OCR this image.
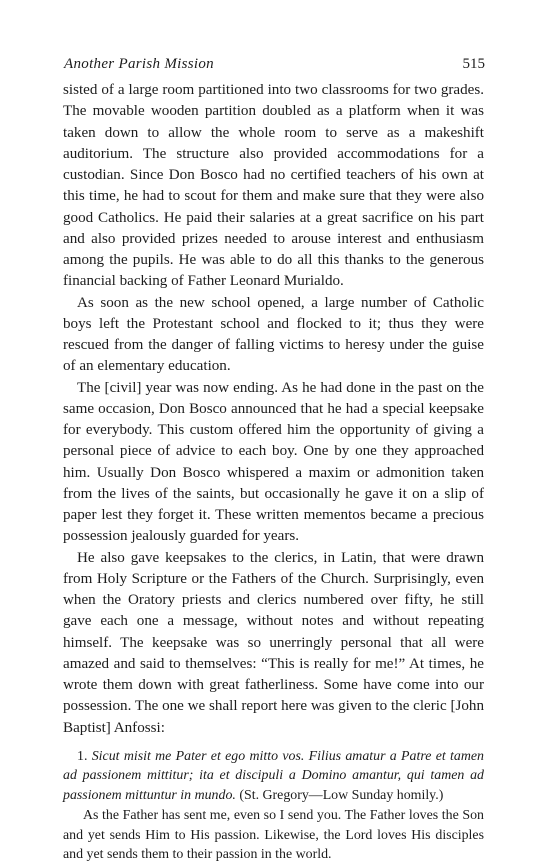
Another Parish Mission	515

sisted of a large room partitioned into two classrooms for two grades. The movable wooden partition doubled as a platform when it was taken down to allow the whole room to serve as a makeshift auditorium. The structure also provided accommodations for a custodian. Since Don Bosco had no certified teachers of his own at this time, he had to scout for them and make sure that they were also good Catholics. He paid their salaries at a great sacrifice on his part and also provided prizes needed to arouse interest and enthusiasm among the pupils. He was able to do all this thanks to the generous financial backing of Father Leonard Murialdo.

As soon as the new school opened, a large number of Catholic boys left the Protestant school and flocked to it; thus they were rescued from the danger of falling victims to heresy under the guise of an elementary education.

The [civil] year was now ending. As he had done in the past on the same occasion, Don Bosco announced that he had a special keepsake for everybody. This custom offered him the opportunity of giving a personal piece of advice to each boy. One by one they approached him. Usually Don Bosco whispered a maxim or admonition taken from the lives of the saints, but occasionally he gave it on a slip of paper lest they forget it. These written mementos became a precious possession jealously guarded for years.

He also gave keepsakes to the clerics, in Latin, that were drawn from Holy Scripture or the Fathers of the Church. Surprisingly, even when the Oratory priests and clerics numbered over fifty, he still gave each one a message, without notes and without repeating himself. The keepsake was so unerringly personal that all were amazed and said to themselves: “This is really for me!” At times, he wrote them down with great fatherliness. Some have come into our possession. The one we shall report here was given to the cleric [John Baptist] Anfossi:

1. Sicut misit me Pater et ego mitto vos. Filius amatur a Patre et tamen ad passionem mittitur; ita et discipuli a Domino amantur, qui tamen ad passionem mittuntur in mundo. (St. Gregory—Low Sunday homily.)

As the Father has sent me, even so I send you. The Father loves the Son and yet sends Him to His passion. Likewise, the Lord loves His disciples and yet sends them to their passion in the world.
